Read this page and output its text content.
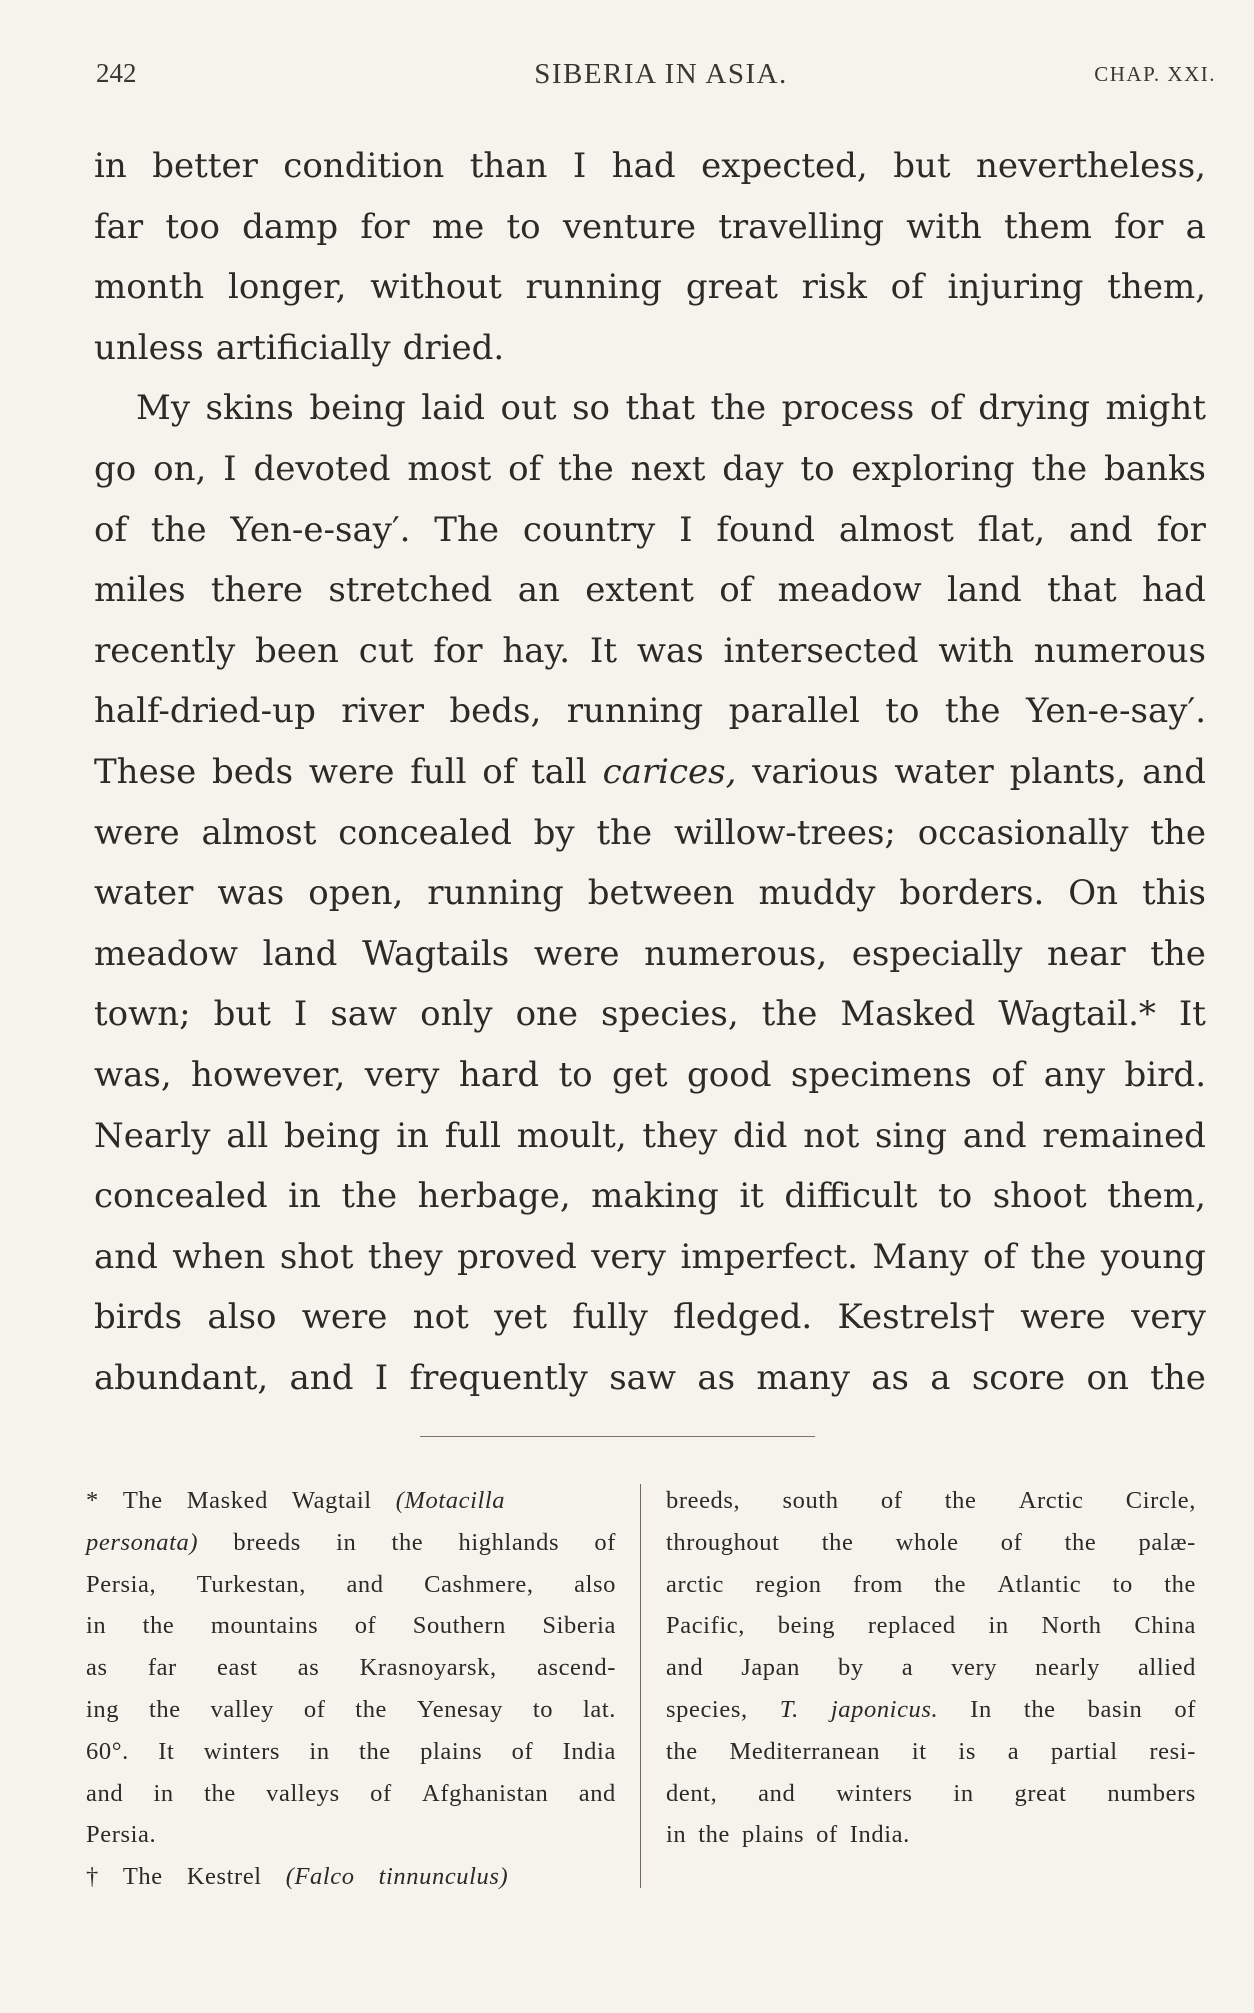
242	SIBERIA IN ASIA.	CHAP. XXI.
in better condition than I had expected, but nevertheless,
far too damp for me to venture travelling with them for a
month longer, without running great risk of injuring them,
unless artificially dried.
My skins being laid out so that the process of drying might
go on, I devoted most of the next day to exploring the banks
of the Yen-e-say′. The country I found almost flat, and for
miles there stretched an extent of meadow land that had
recently been cut for hay. It was intersected with numerous
half-dried-up river beds, running parallel to the Yen-e-say′.
These beds were full of tall carices, various water plants, and
were almost concealed by the willow-trees; occasionally the
water was open, running between muddy borders. On this
meadow land Wagtails were numerous, especially near the
town; but I saw only one species, the Masked Wagtail.* It
was, however, very hard to get good specimens of any bird.
Nearly all being in full moult, they did not sing and remained
concealed in the herbage, making it difficult to shoot them,
and when shot they proved very imperfect. Many of the young
birds also were not yet fully fledged. Kestrels† were very
abundant, and I frequently saw as many as a score on the
* The Masked Wagtail (Motacilla
personata) breeds in the highlands of
Persia, Turkestan, and Cashmere, also
in the mountains of Southern Siberia
as far east as Krasnoyarsk, ascend-
ing the valley of the Yenesay to lat.
60°. It winters in the plains of India
and in the valleys of Afghanistan and
Persia.
† The Kestrel (Falco tinnunculus)
breeds, south of the Arctic Circle,
throughout the whole of the palæ-
arctic region from the Atlantic to the
Pacific, being replaced in North China
and Japan by a very nearly allied
species, T. japonicus. In the basin of
the Mediterranean it is a partial resi-
dent, and winters in great numbers
in the plains of India.
